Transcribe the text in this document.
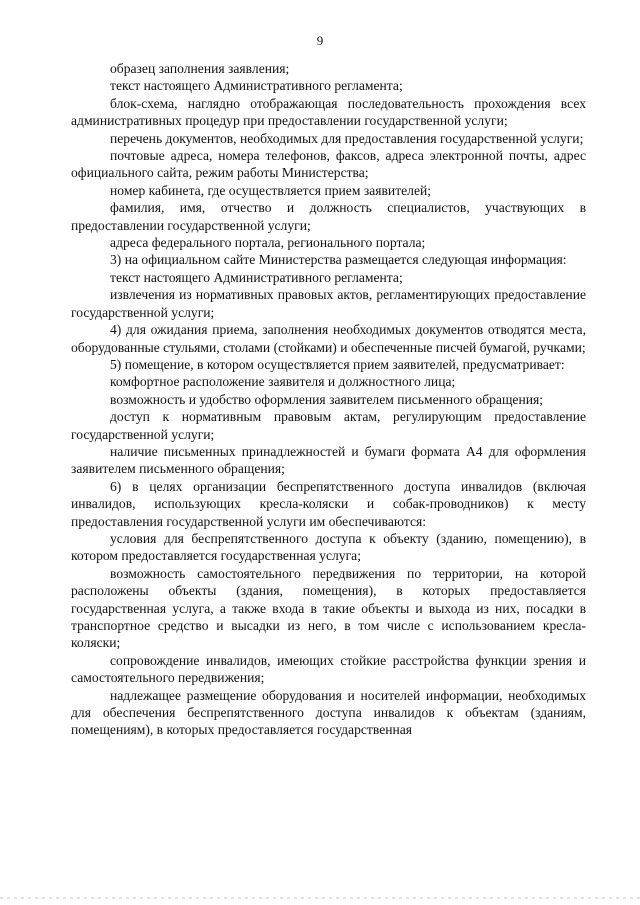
9

образец заполнения заявления;

текст настоящего Административного регламента;

блок-схема, наглядно отображающая последовательность прохождения всех административных процедур при предоставлении государственной услуги;

перечень документов, необходимых для предоставления государственной услуги;

почтовые адреса, номера телефонов, факсов, адреса электронной почты, адрес официального сайта, режим работы Министерства;

номер кабинета, где осуществляется прием заявителей;

фамилия, имя, отчество и должность специалистов, участвующих в предоставлении государственной услуги;

адреса федерального портала, регионального портала;

3) на официальном сайте Министерства размещается следующая информация:

текст настоящего Административного регламента;

извлечения из нормативных правовых актов, регламентирующих предоставление государственной услуги;

4) для ожидания приема, заполнения необходимых документов отводятся места, оборудованные стульями, столами (стойками) и обеспеченные писчей бумагой, ручками;

5) помещение, в котором осуществляется прием заявителей, предусматривает:

комфортное расположение заявителя и должностного лица;

возможность и удобство оформления заявителем письменного обращения;

доступ к нормативным правовым актам, регулирующим предоставление государственной услуги;

наличие письменных принадлежностей и бумаги формата А4 для оформления заявителем письменного обращения;

6) в целях организации беспрепятственного доступа инвалидов (включая инвалидов, использующих кресла-коляски и собак-проводников) к месту предоставления государственной услуги им обеспечиваются:

условия для беспрепятственного доступа к объекту (зданию, помещению), в котором предоставляется государственная услуга;

возможность самостоятельного передвижения по территории, на которой расположены объекты (здания, помещения), в которых предоставляется государственная услуга, а также входа в такие объекты и выхода из них, посадки в транспортное средство и высадки из него, в том числе с использованием кресла-коляски;

сопровождение инвалидов, имеющих стойкие расстройства функции зрения и самостоятельного передвижения;

надлежащее размещение оборудования и носителей информации, необходимых для обеспечения беспрепятственного доступа инвалидов к объектам (зданиям, помещениям), в которых предоставляется государственная
